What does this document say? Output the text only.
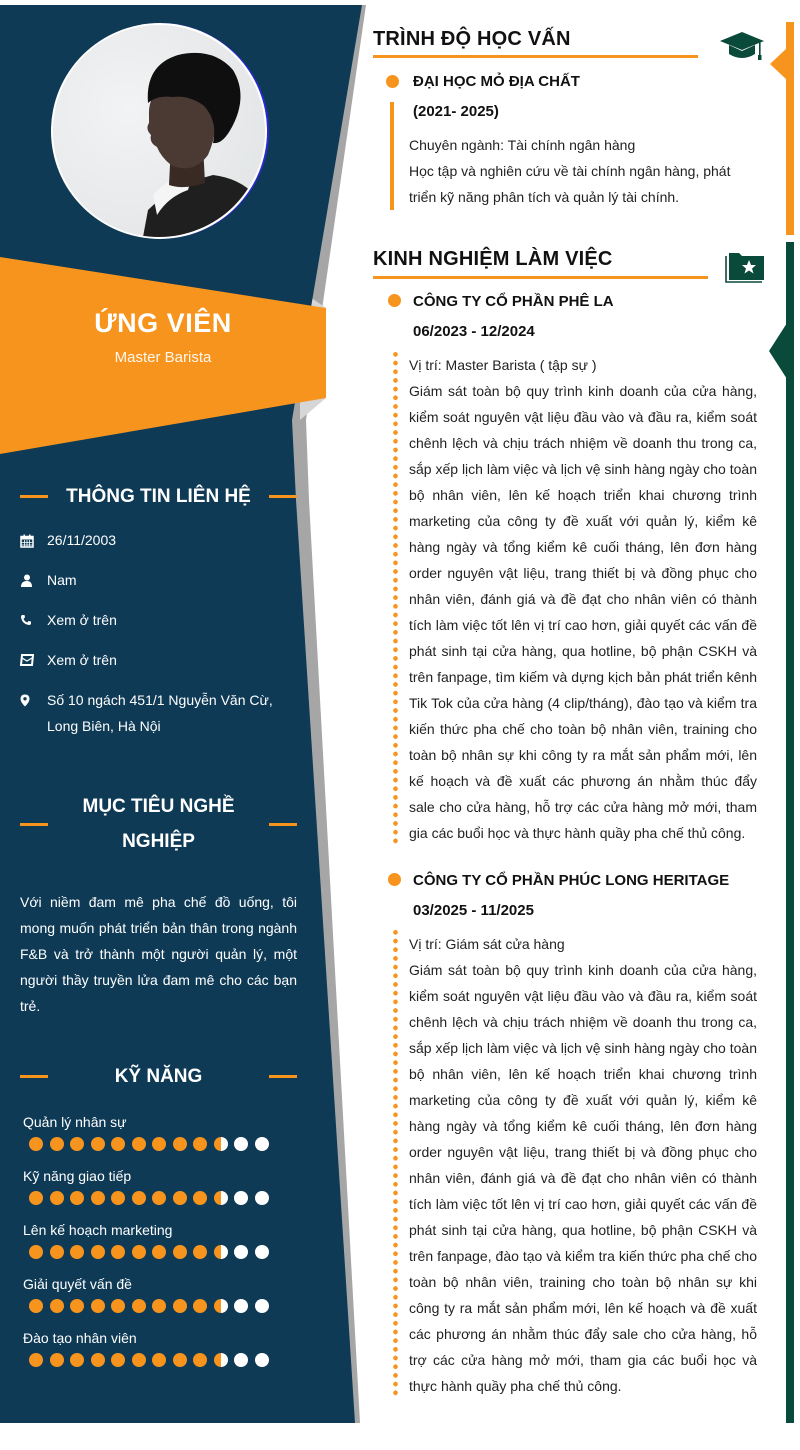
ỨNG VIÊN
Master Barista
THÔNG TIN LIÊN HỆ
26/11/2003
Nam
Xem ở trên
Xem ở trên
Số 10 ngách 451/1 Nguyễn Văn Cừ, Long Biên, Hà Nội
MỤC TIÊU NGHỀ
NGHIỆP
Với niềm đam mê pha chế đồ uống, tôi mong muốn phát triển bản thân trong ngành F&B và trở thành một người quản lý, một người thầy truyền lửa đam mê cho các bạn trẻ.
KỸ NĂNG
Quản lý nhân sự
Kỹ năng giao tiếp
Lên kế hoạch marketing
Giải quyết vấn đề
Đào tạo nhân viên
TRÌNH ĐỘ HỌC VẤN
ĐẠI HỌC MỎ ĐỊA CHẤT
(2021- 2025)
Chuyên ngành: Tài chính ngân hàng
Học tập và nghiên cứu về tài chính ngân hàng, phát triển kỹ năng phân tích và quản lý tài chính.
KINH NGHIỆM LÀM VIỆC
CÔNG TY CỔ PHẦN PHÊ LA
06/2023 - 12/2024
Vị trí: Master Barista ( tập sự )
Giám sát toàn bộ quy trình kinh doanh của cửa hàng, kiểm soát nguyên vật liệu đầu vào và đầu ra, kiểm soát chênh lệch và chịu trách nhiệm về doanh thu trong ca, sắp xếp lịch làm việc và lịch vệ sinh hàng ngày cho toàn bộ nhân viên, lên kế hoạch triển khai chương trình marketing của công ty đề xuất với quản lý, kiểm kê hàng ngày và tổng kiểm kê cuối tháng, lên đơn hàng order nguyên vật liệu, trang thiết bị và đồng phục cho nhân viên, đánh giá và đề đạt cho nhân viên có thành tích làm việc tốt lên vị trí cao hơn, giải quyết các vấn đề phát sinh tại cửa hàng, qua hotline, bộ phận CSKH và trên fanpage, tìm kiếm và dựng kịch bản phát triển kênh Tik Tok của cửa hàng (4 clip/tháng), đào tạo và kiểm tra kiến thức pha chế cho toàn bộ nhân viên, training cho toàn bộ nhân sự khi công ty ra mắt sản phẩm mới, lên kế hoạch và đề xuất các phương án nhằm thúc đẩy sale cho cửa hàng, hỗ trợ các cửa hàng mở mới, tham gia các buổi học và thực hành quầy pha chế thủ công.
CÔNG TY CỔ PHẦN PHÚC LONG HERITAGE
03/2025 - 11/2025
Vị trí: Giám sát cửa hàng
Giám sát toàn bộ quy trình kinh doanh của cửa hàng, kiểm soát nguyên vật liệu đầu vào và đầu ra, kiểm soát chênh lệch và chịu trách nhiệm về doanh thu trong ca, sắp xếp lịch làm việc và lịch vệ sinh hàng ngày cho toàn bộ nhân viên, lên kế hoạch triển khai chương trình marketing của công ty đề xuất với quản lý, kiểm kê hàng ngày và tổng kiểm kê cuối tháng, lên đơn hàng order nguyên vật liệu, trang thiết bị và đồng phục cho nhân viên, đánh giá và đề đạt cho nhân viên có thành tích làm việc tốt lên vị trí cao hơn, giải quyết các vấn đề phát sinh tại cửa hàng, qua hotline, bộ phận CSKH và trên fanpage, đào tạo và kiểm tra kiến thức pha chế cho toàn bộ nhân viên, training cho toàn bộ nhân sự khi công ty ra mắt sản phẩm mới, lên kế hoạch và đề xuất các phương án nhằm thúc đẩy sale cho cửa hàng, hỗ trợ các cửa hàng mở mới, tham gia các buổi học và thực hành quầy pha chế thủ công.
